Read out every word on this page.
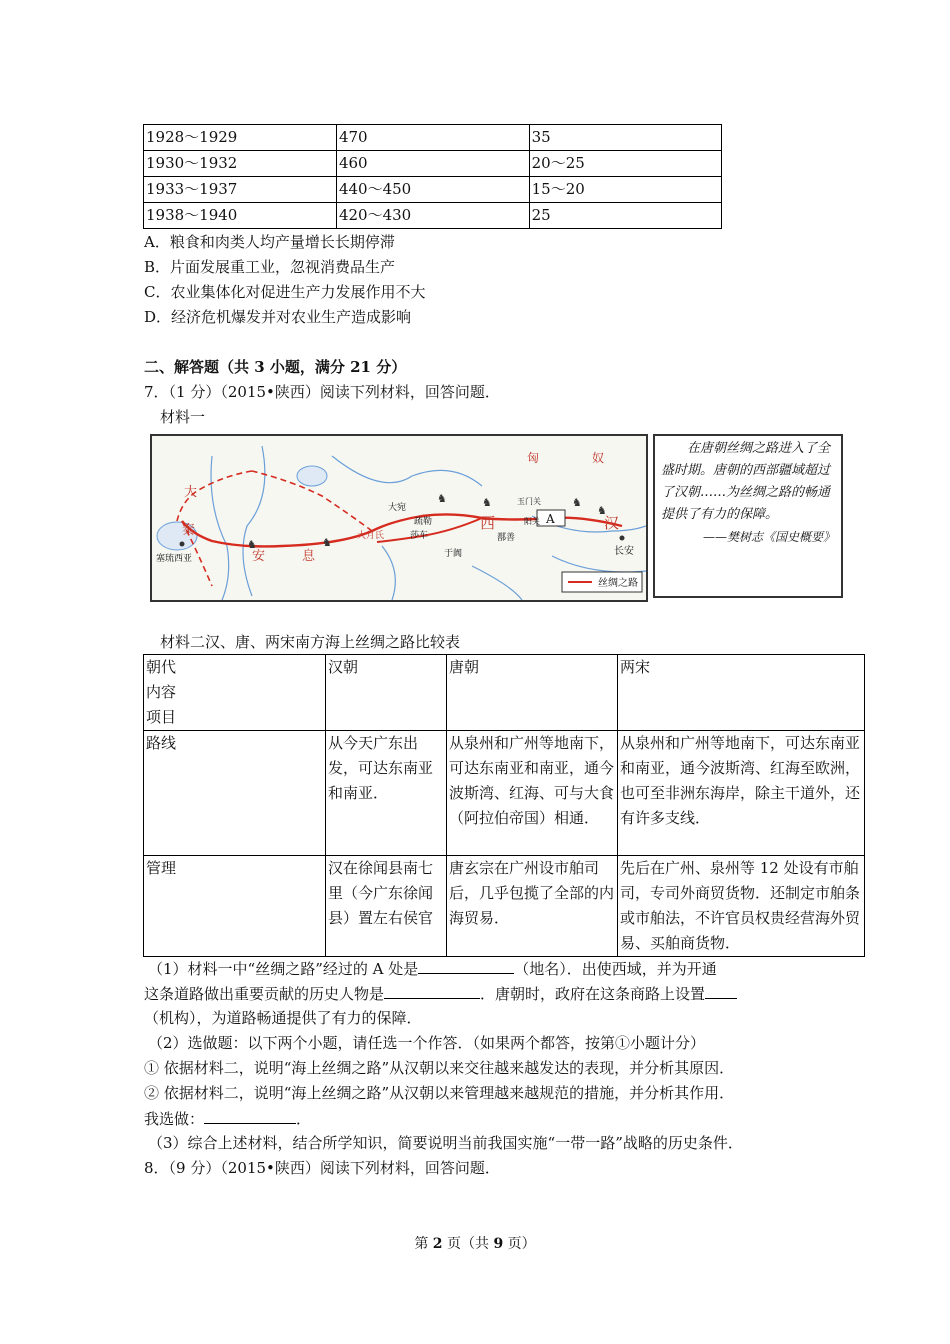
1928～1929	470	35
1930～1932	460	20～25
1933～1937	440～450	15～20
1938～1940	420～430	25
A．粮食和肉类人均产量增长长期停滞
B．片面发展重工业，忽视消费品生产
C．农业集体化对促进生产力发展作用不大
D．经济危机爆发并对农业生产造成影响
二、解答题（共 3 小题，满分 21 分）
7．（1 分）（2015•陕西）阅读下列材料，回答问题．
材料一
♞	♞
♞	♞	♞
♞
匈	奴
大
秦
安	息
西	汉
A
长安
塞琉西亚
大宛
大月氏
疏勒
莎车
于阗
玉门关
阳关
鄯善
丝绸之路
在唐朝丝绸之路进入了全盛时期。唐朝的西部疆域超过了汉朝……为丝绸之路的畅通提供了有力的保障。
——樊树志《国史概要》
材料二汉、唐、两宋南方海上丝绸之路比较表
朝代
内容
项目	汉朝	唐朝	两宋
路线	从今天广东出发，可达东南亚和南亚．	从泉州和广州等地南下，可达东南亚和南亚，通今波斯湾、红海、可与大食（阿拉伯帝国）相通．	从泉州和广州等地南下，可达东南亚和南亚，通今波斯湾、红海至欧洲，也可至非洲东海岸，除主干道外，还有许多支线．
管理	汉在徐闻县南七里（今广东徐闻县）置左右侯官	唐玄宗在广州设市舶司后，几乎包揽了全部的内海贸易．	先后在广州、泉州等 12 处设有市舶司，专司外商贸货物．还制定市舶条或市舶法，不许官员权贵经营海外贸易、买舶商货物．
（1）材料一中“丝绸之路”经过的 A 处是	（地名）．出使西域，并为开通
这条道路做出重要贡献的历史人物是	．唐朝时，政府在这条商路上设置
（机构），为道路畅通提供了有力的保障．
（2）选做题：以下两个小题，请任选一个作答．（如果两个都答，按第①小题计分）
① 依据材料二，说明“海上丝绸之路”从汉朝以来交往越来越发达的表现，并分析其原因．
② 依据材料二，说明“海上丝绸之路”从汉朝以来管理越来越规范的措施，并分析其作用．
我选做：	．
（3）综合上述材料，结合所学知识，简要说明当前我国实施“一带一路”战略的历史条件．
8．（9 分）（2015•陕西）阅读下列材料，回答问题．
第 2 页（共 9 页）
